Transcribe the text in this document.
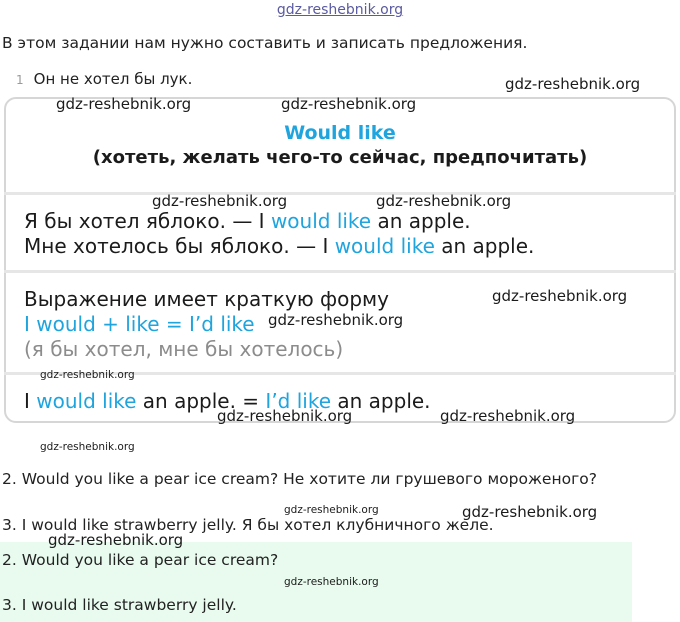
gdz-reshebnik.org
В этом задании нам нужно составить и записать предложения.
1 Он не хотел бы лук.
Would like
(хотеть, желать чего-то сейчас, предпочитать)
Я бы хотел яблоко. — I would like an apple.
Мне хотелось бы яблоко. — I would like an apple.
Выражение имеет краткую форму
I would + like = I’d like
(я бы хотел, мне бы хотелось)
I would like an apple. = I’d like an apple.
2. Would you like a pear ice cream? Не хотите ли грушевого мороженого?
3. I would like strawberry jelly. Я бы хотел клубничного желе.
2. Would you like a pear ice cream?
3. I would like strawberry jelly.
gdz-reshebnik.org
gdz-reshebnik.org	gdz-reshebnik.org
gdz-reshebnik.org	gdz-reshebnik.org
gdz-reshebnik.org
gdz-reshebnik.org
gdz-reshebnik.org
gdz-reshebnik.org	gdz-reshebnik.org
gdz-reshebnik.org
gdz-reshebnik.org	gdz-reshebnik.org
gdz-reshebnik.org
gdz-reshebnik.org
